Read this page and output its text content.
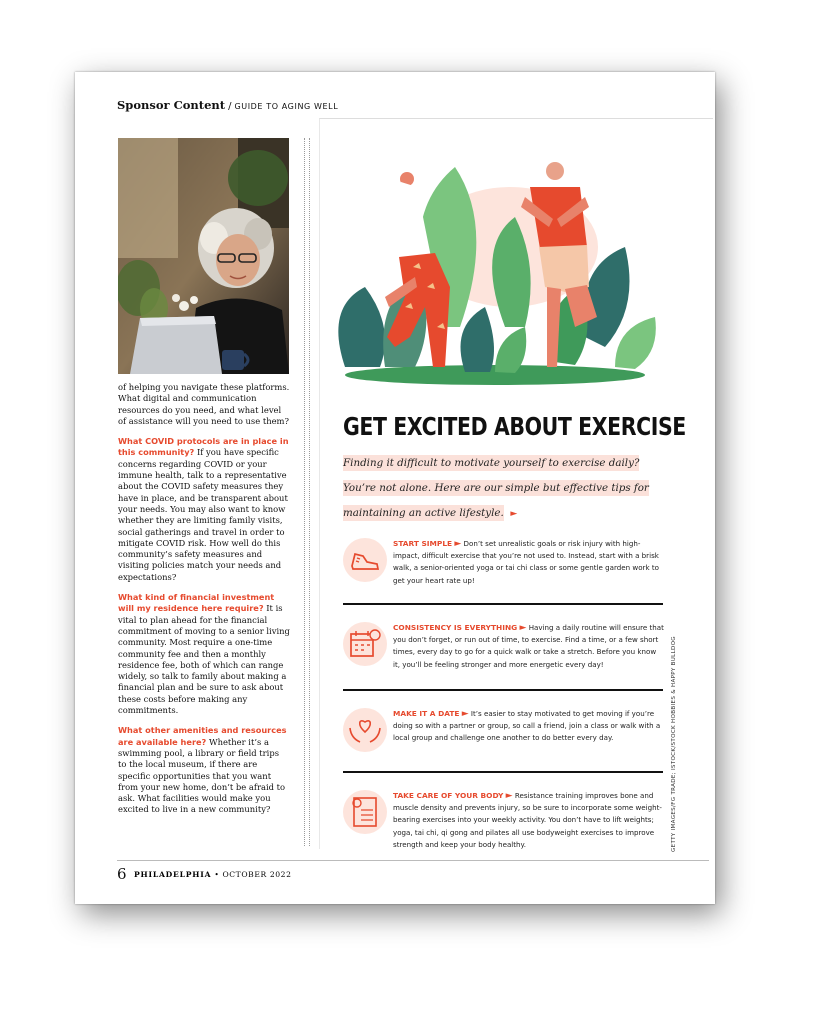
Sponsor Content / GUIDE TO AGING WELL

of helping you navigate these platforms. What digital and communication resources do you need, and what level of assistance will you need to use them?

What COVID protocols are in place in this community? If you have specific concerns regarding COVID or your immune health, talk to a representative about the COVID safety measures they have in place, and be transparent about your needs. You may also want to know whether they are limiting family visits, social gatherings and travel in order to mitigate COVID risk. How well do this community’s safety measures and visiting policies match your needs and expectations?

What kind of financial investment will my residence here require? It is vital to plan ahead for the financial commitment of moving to a senior living community. Most require a one-time community fee and then a monthly residence fee, both of which can range widely, so talk to family about making a financial plan and be sure to ask about these costs before making any commitments.

What other amenities and resources are available here? Whether it’s a swimming pool, a library or field trips to the local museum, if there are specific opportunities that you want from your new home, don’t be afraid to ask. What facilities would make you excited to live in a new community?

GET EXCITED ABOUT EXERCISE
Finding it difficult to motivate yourself to exercise daily? You’re not alone. Here are our simple but effective tips for maintaining an active lifestyle. ►
START SIMPLE ► Don’t set unrealistic goals or risk injury with high-impact, difficult exercise that you’re not used to. Instead, start with a brisk walk, a senior-oriented yoga or tai chi class or some gentle garden work to get your heart rate up!
CONSISTENCY IS EVERYTHING ► Having a daily routine will ensure that you don’t forget, or run out of time, to exercise. Find a time, or a few short times, every day to go for a quick walk or take a stretch. Before you know it, you’ll be feeling stronger and more energetic every day!
MAKE IT A DATE ► It’s easier to stay motivated to get moving if you’re doing so with a partner or group, so call a friend, join a class or walk with a local group and challenge one another to do better every day.
TAKE CARE OF YOUR BODY ► Resistance training improves bone and muscle density and prevents injury, so be sure to incorporate some weight-bearing exercises into your weekly activity. You don’t have to lift weights; yoga, tai chi, qi gong and pilates all use bodyweight exercises to improve strength and keep your body healthy.	GETTY IMAGES/FG TRADE; ISTOCK/STOCK HOBBIES & HAPPY BULLDOG
6 PHILADELPHIA • OCTOBER 2022
